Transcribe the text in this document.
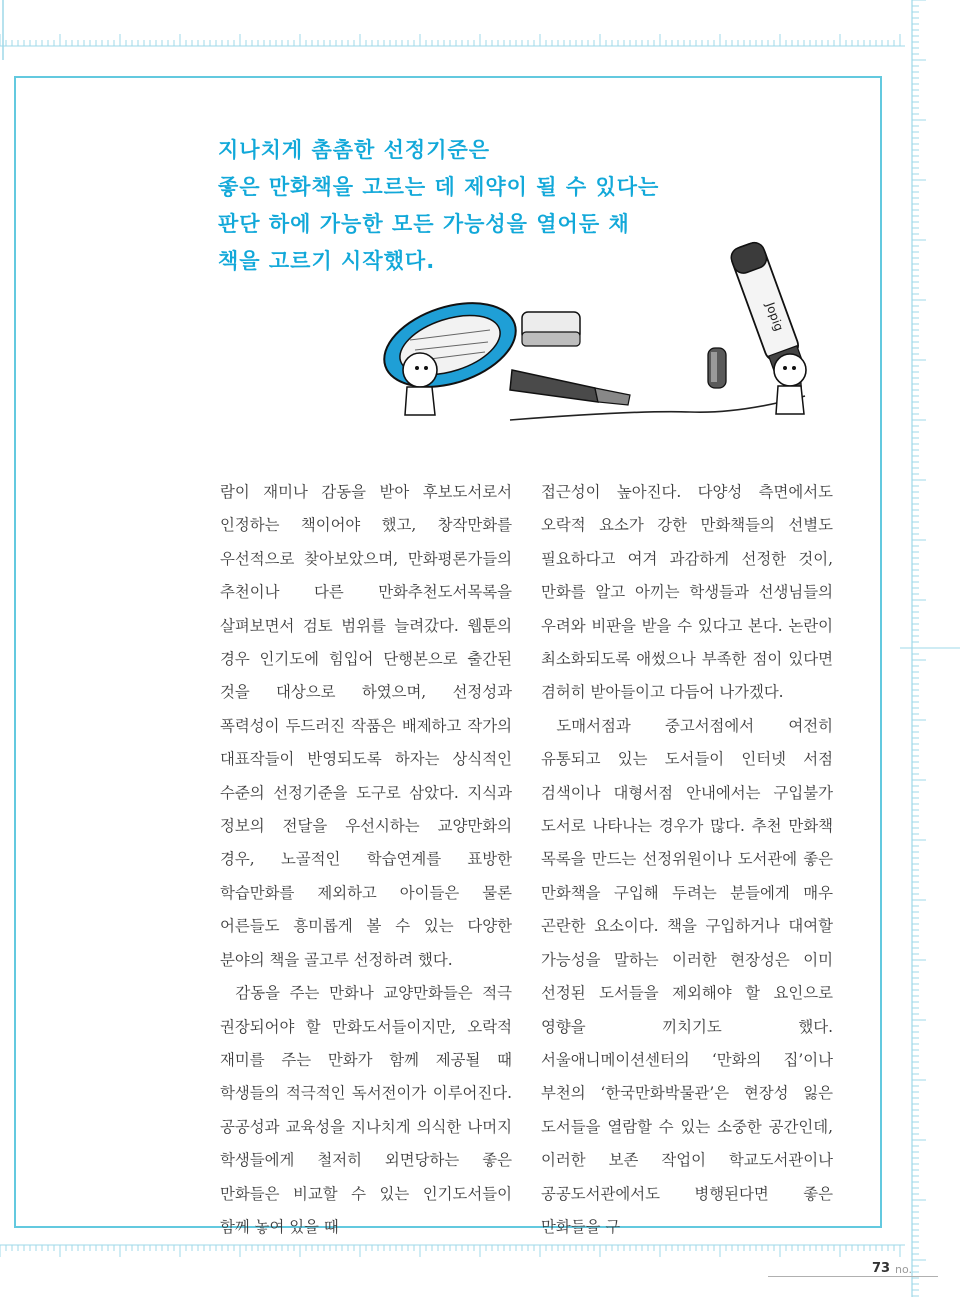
지나치게 촘촘한 선정기준은
좋은 만화책을 고르는 데 제약이 될 수 있다는
판단 하에 가능한 모든 가능성을 열어둔 채
책을 고르기 시작했다.
Jopig

람이 재미나 감동을 받아 후보도서로서 인정하는 책이어야 했고, 창작만화를 우선적으로 찾아보았으며, 만화평론가들의 추천이나 다른 만화추천도서목록을 살펴보면서 검토 범위를 늘려갔다. 웹툰의 경우 인기도에 힘입어 단행본으로 출간된 것을 대상으로 하였으며, 선정성과 폭력성이 두드러진 작품은 배제하고 작가의 대표작들이 반영되도록 하자는 상식적인 수준의 선정기준을 도구로 삼았다. 지식과 정보의 전달을 우선시하는 교양만화의 경우, 노골적인 학습연계를 표방한 학습만화를 제외하고 아이들은 물론 어른들도 흥미롭게 볼 수 있는 다양한 분야의 책을 골고루 선정하려 했다.

감동을 주는 만화나 교양만화들은 적극 권장되어야 할 만화도서들이지만, 오락적 재미를 주는 만화가 함께 제공될 때 학생들의 적극적인 독서전이가 이루어진다. 공공성과 교육성을 지나치게 의식한 나머지 학생들에게 철저히 외면당하는 좋은 만화들은 비교할 수 있는 인기도서들이 함께 놓여 있을 때

접근성이 높아진다. 다양성 측면에서도 오락적 요소가 강한 만화책들의 선별도 필요하다고 여겨 과감하게 선정한 것이, 만화를 알고 아끼는 학생들과 선생님들의 우려와 비판을 받을 수 있다고 본다. 논란이 최소화되도록 애썼으나 부족한 점이 있다면 겸허히 받아들이고 다듬어 나가겠다.

도매서점과 중고서점에서 여전히 유통되고 있는 도서들이 인터넷 서점 검색이나 대형서점 안내에서는 구입불가 도서로 나타나는 경우가 많다. 추천 만화책 목록을 만드는 선정위원이나 도서관에 좋은 만화책을 구입해 두려는 분들에게 매우 곤란한 요소이다. 책을 구입하거나 대여할 가능성을 말하는 이러한 현장성은 이미 선정된 도서들을 제외해야 할 요인으로 영향을 끼치기도 했다. 서울애니메이션센터의 ‘만화의 집’이나 부천의 ‘한국만화박물관’은 현장성 잃은 도서들을 열람할 수 있는 소중한 공간인데, 이러한 보존 작업이 학교도서관이나 공공도서관에서도 병행된다면 좋은 만화들을 구

73 no.
